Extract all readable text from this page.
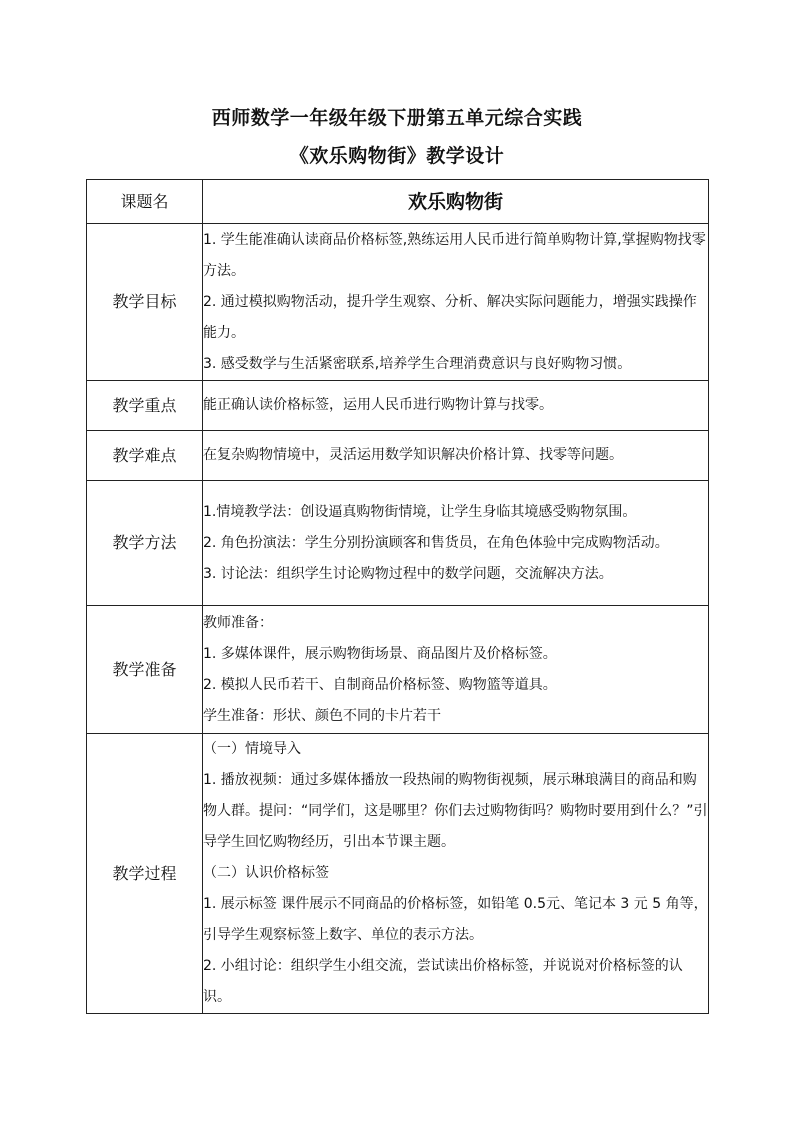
西师数学一年级年级下册第五单元综合实践
《欢乐购物街》教学设计
课题名	欢乐购物街
教学目标	1. 学生能准确认读商品价格标签,熟练运用人民币进行简单购物计算,掌握购物找零方法。

2. 通过模拟购物活动，提升学生观察、分析、解决实际问题能力，增强实践操作能力。

3. 感受数学与生活紧密联系,培养学生合理消费意识与良好购物习惯。

教学重点	能正确认读价格标签，运用人民币进行购物计算与找零。

教学难点	在复杂购物情境中，灵活运用数学知识解决价格计算、找零等问题。

教学方法	1.情境教学法：创设逼真购物街情境，让学生身临其境感受购物氛围。

2. 角色扮演法：学生分别扮演顾客和售货员，在角色体验中完成购物活动。

3. 讨论法：组织学生讨论购物过程中的数学问题，交流解决方法。

教学准备	教师准备：

1. 多媒体课件，展示购物街场景、商品图片及价格标签。

2. 模拟人民币若干、自制商品价格标签、购物篮等道具。

学生准备：形状、颜色不同的卡片若干

教学过程	（一）情境导入

1. 播放视频：通过多媒体播放一段热闹的购物街视频，展示琳琅满目的商品和购物人群。提问：“同学们，这是哪里？你们去过购物街吗？购物时要用到什么？”引导学生回忆购物经历，引出本节课主题。

（二）认识价格标签

1. 展示标签 课件展示不同商品的价格标签，如铅笔 0.5元、笔记本 3 元 5 角等，引导学生观察标签上数字、单位的表示方法。

2. 小组讨论：组织学生小组交流，尝试读出价格标签，并说说对价格标签的认识。
